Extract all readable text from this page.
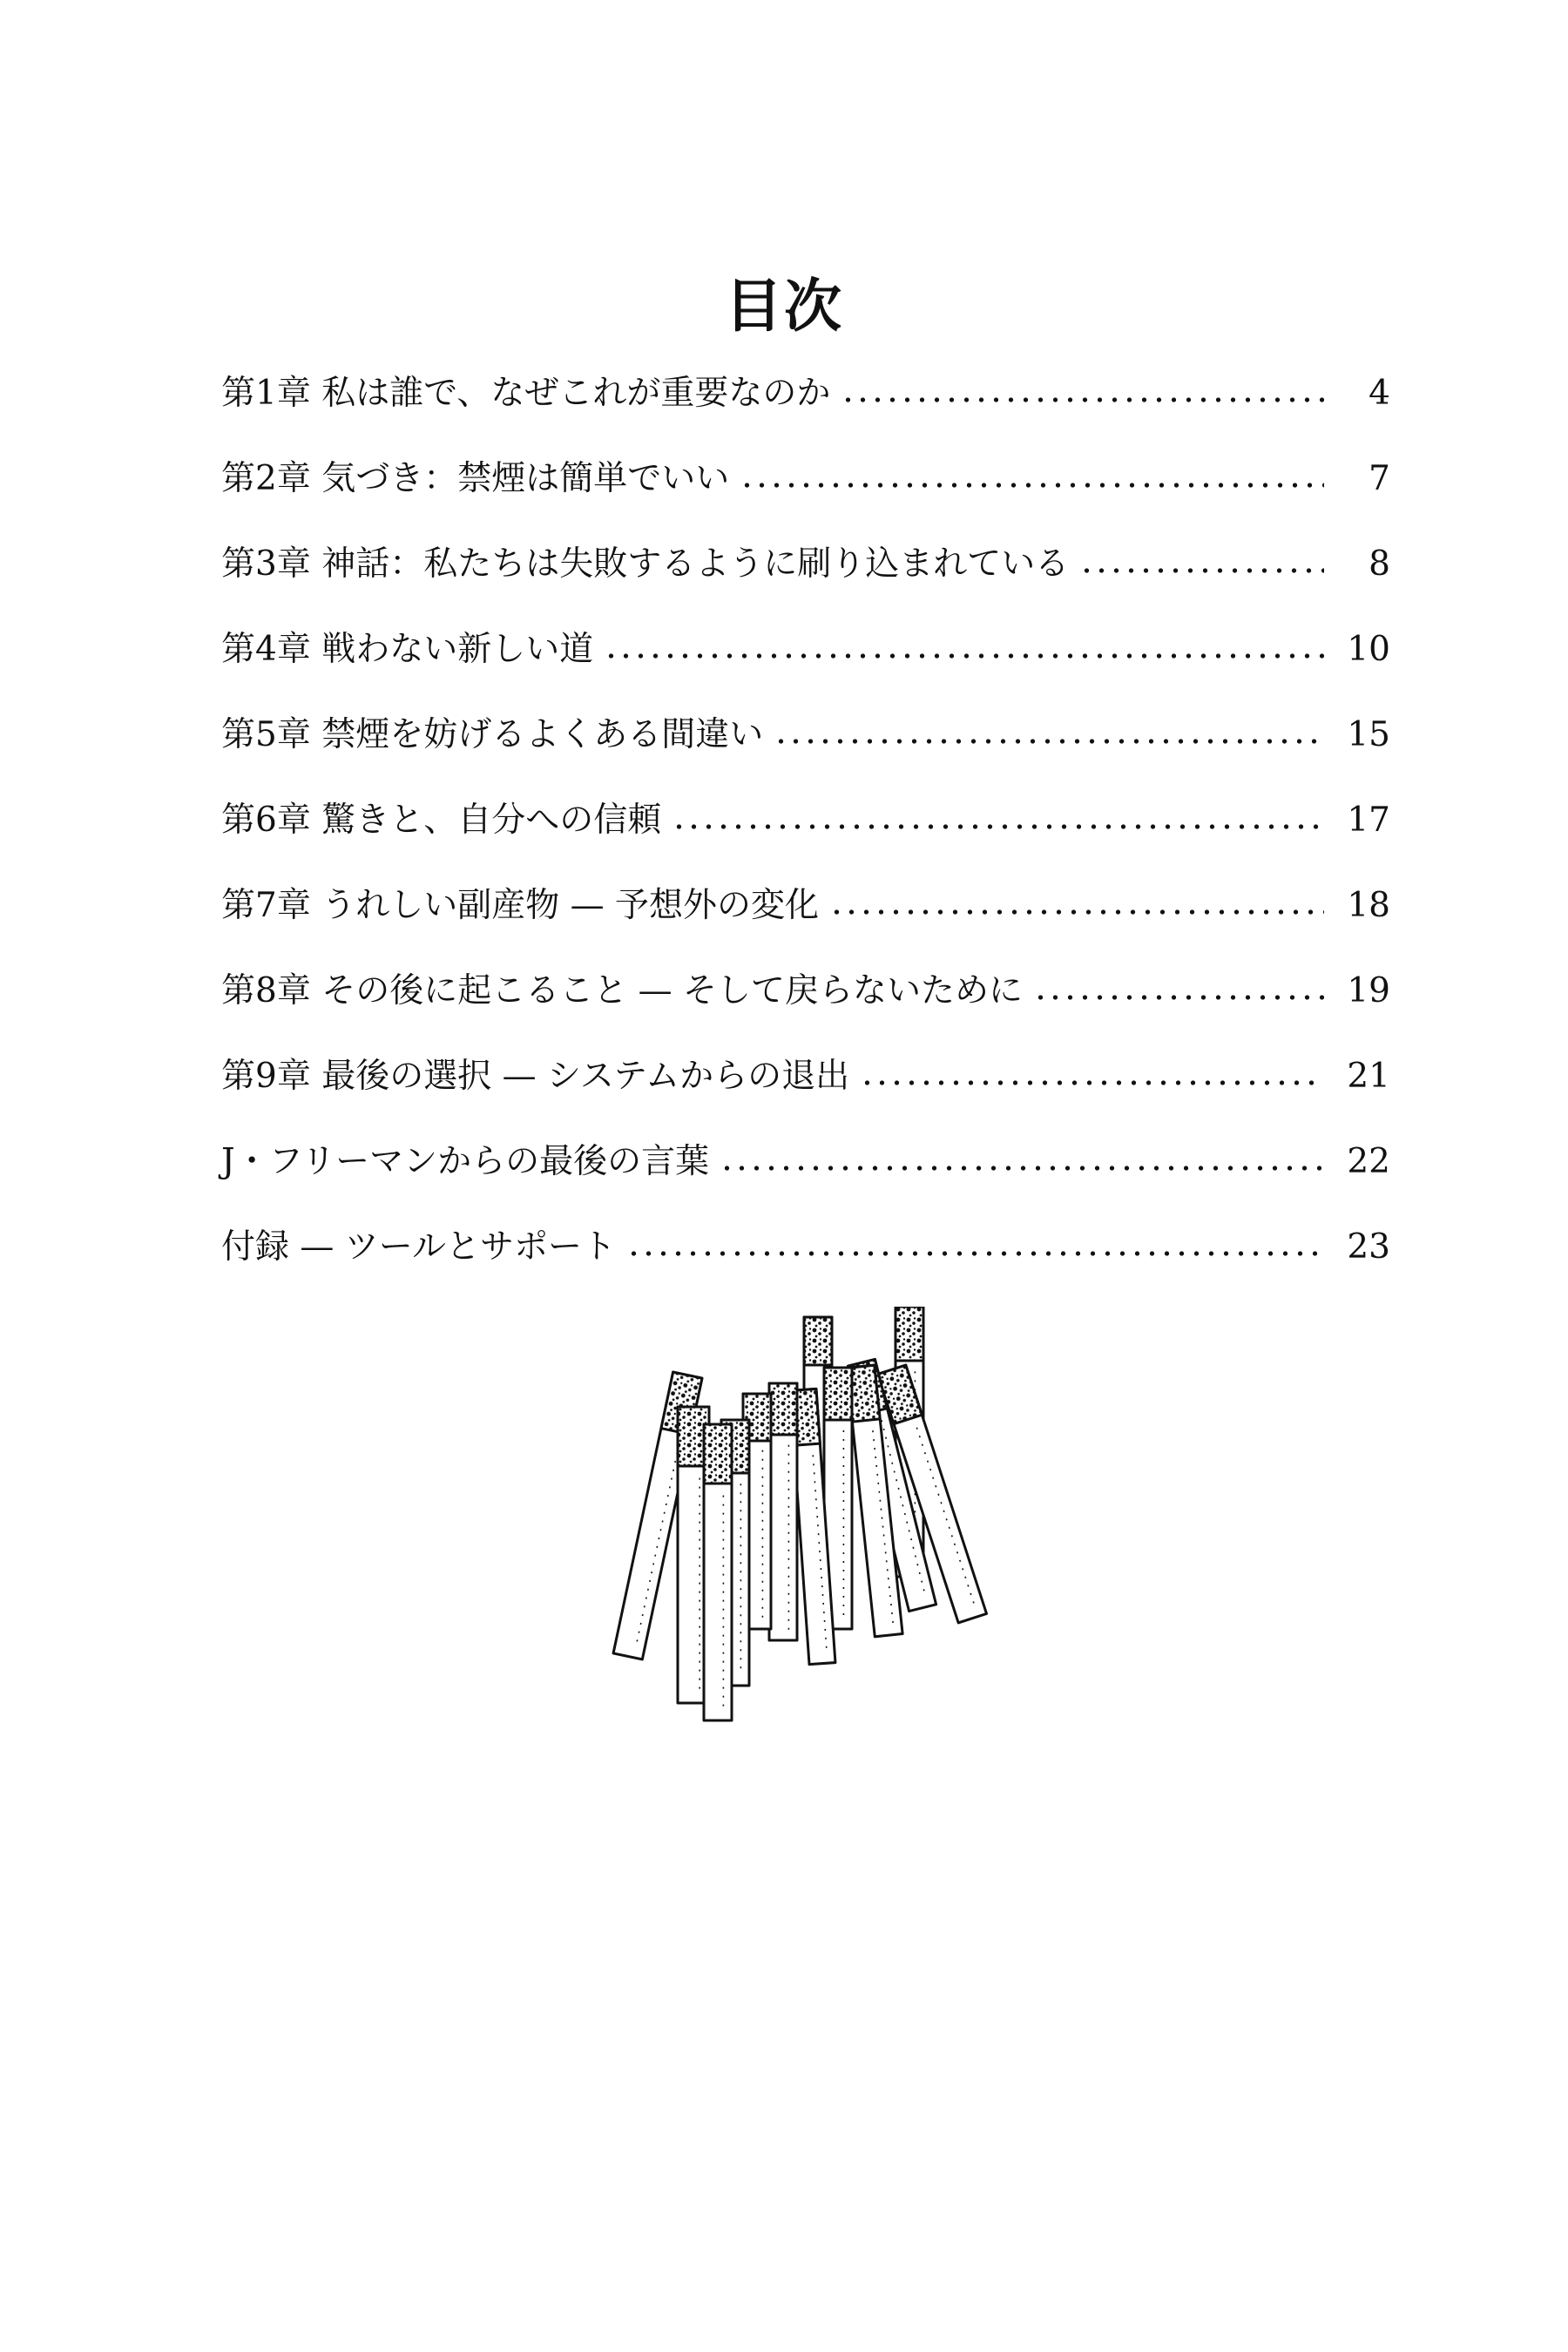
目次
第1章 私は誰で、なぜこれが重要なのか	4
第2章 気づき：禁煙は簡単でいい	7
第3章 神話：私たちは失敗するように刷り込まれている	8
第4章 戦わない新しい道	10
第5章 禁煙を妨げるよくある間違い	15
第6章 驚きと、自分への信頼	17
第7章 うれしい副産物 — 予想外の変化	18
第8章 その後に起こること — そして戻らないために	19
第9章 最後の選択 — システムからの退出	21
J・フリーマンからの最後の言葉	22
付録 — ツールとサポート	23
